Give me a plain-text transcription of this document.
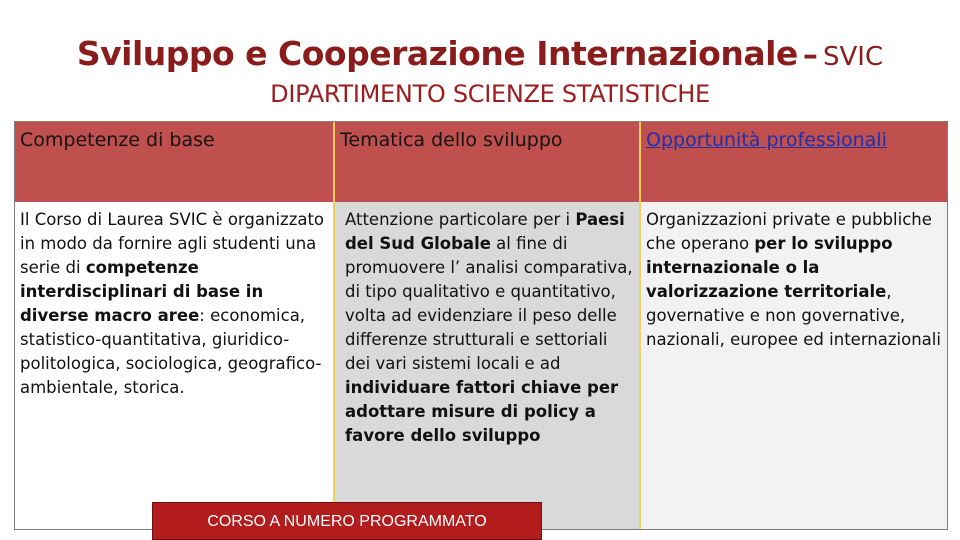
Sviluppo e Cooperazione Internazionale – SVIC
DIPARTIMENTO SCIENZE STATISTICHE
Competenze di base	Tematica dello sviluppo	Opportunità professionali
Il Corso di Laurea SVIC è organizzato in modo da fornire agli studenti una serie di competenze interdisciplinari di base in diverse macro aree: economica, statistico-quantitativa, giuridico-politologica, sociologica, geografico-ambientale, storica.
Attenzione particolare per i Paesi del Sud Globale al fine di promuovere l’ analisi comparativa, di tipo qualitativo e quantitativo, volta ad evidenziare il peso delle differenze strutturali e settoriali dei vari sistemi locali e ad individuare fattori chiave per adottare misure di policy a favore dello sviluppo
Organizzazioni private e pubbliche che operano per lo sviluppo internazionale o la valorizzazione territoriale, governative e non governative, nazionali, europee ed internazionali
CORSO A NUMERO PROGRAMMATO
